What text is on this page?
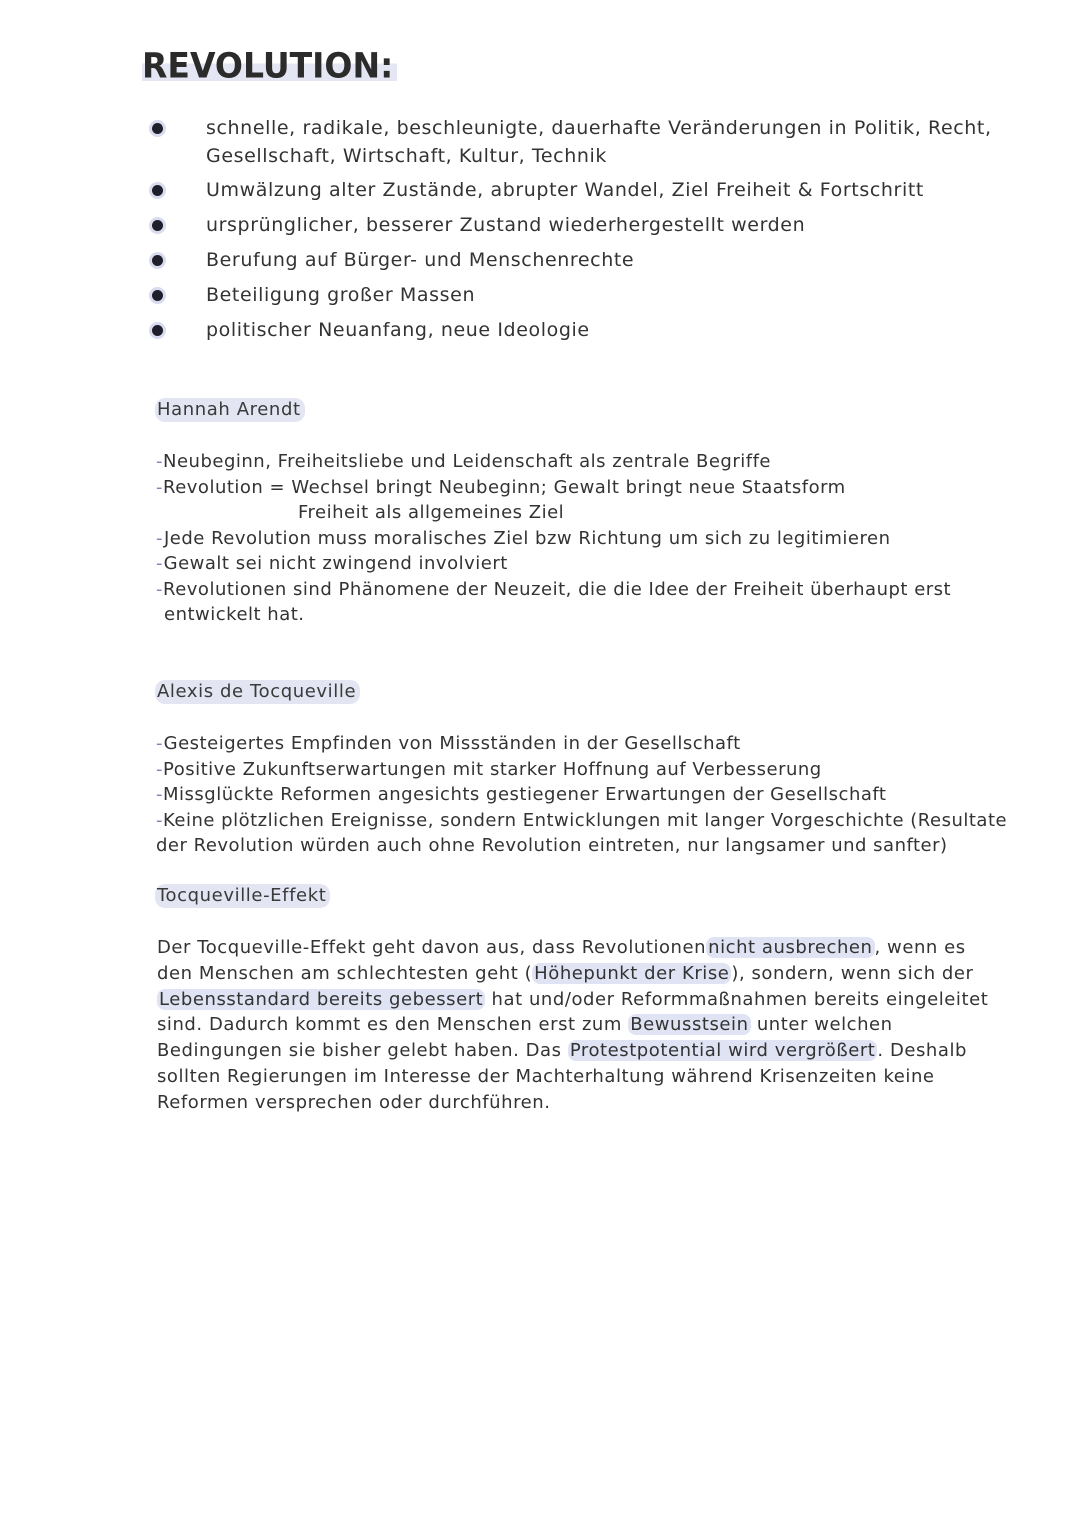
REVOLUTION:
schnelle, radikale, beschleunigte, dauerhafte Veränderungen in Politik, Recht,
Gesellschaft, Wirtschaft, Kultur, Technik
Umwälzung alter Zustände, abrupter Wandel, Ziel Freiheit & Fortschritt
ursprünglicher, besserer Zustand wiederhergestellt werden
Berufung auf Bürger- und Menschenrechte
Beteiligung großer Massen
politischer Neuanfang, neue Ideologie
Hannah Arendt
-Neubeginn, Freiheitsliebe und Leidenschaft als zentrale Begriffe
-Revolution = Wechsel bringt Neubeginn; Gewalt bringt neue Staatsform
Freiheit als allgemeines Ziel
-Jede Revolution muss moralisches Ziel bzw Richtung um sich zu legitimieren
-Gewalt sei nicht zwingend involviert
-Revolutionen sind Phänomene der Neuzeit, die die Idee der Freiheit überhaupt erst
entwickelt hat.
Alexis de Tocqueville
-Gesteigertes Empfinden von Missständen in der Gesellschaft
-Positive Zukunftserwartungen mit starker Hoffnung auf Verbesserung
-Missglückte Reformen angesichts gestiegener Erwartungen der Gesellschaft
-Keine plötzlichen Ereignisse, sondern Entwicklungen mit langer Vorgeschichte (Resultate
der Revolution würden auch ohne Revolution eintreten, nur langsamer und sanfter)
Tocqueville-Effekt
Der Tocqueville-Effekt geht davon aus, dass Revolutionen nicht ausbrechen , wenn es
den Menschen am schlechtesten geht ( Höhepunkt der Krise ), sondern, wenn sich der
Lebensstandard bereits gebessert hat und/oder Reformmaßnahmen bereits eingeleitet
sind. Dadurch kommt es den Menschen erst zum Bewusstsein unter welchen
Bedingungen sie bisher gelebt haben. Das Protestpotential wird vergrößert . Deshalb
sollten Regierungen im Interesse der Machterhaltung während Krisenzeiten keine
Reformen versprechen oder durchführen.
